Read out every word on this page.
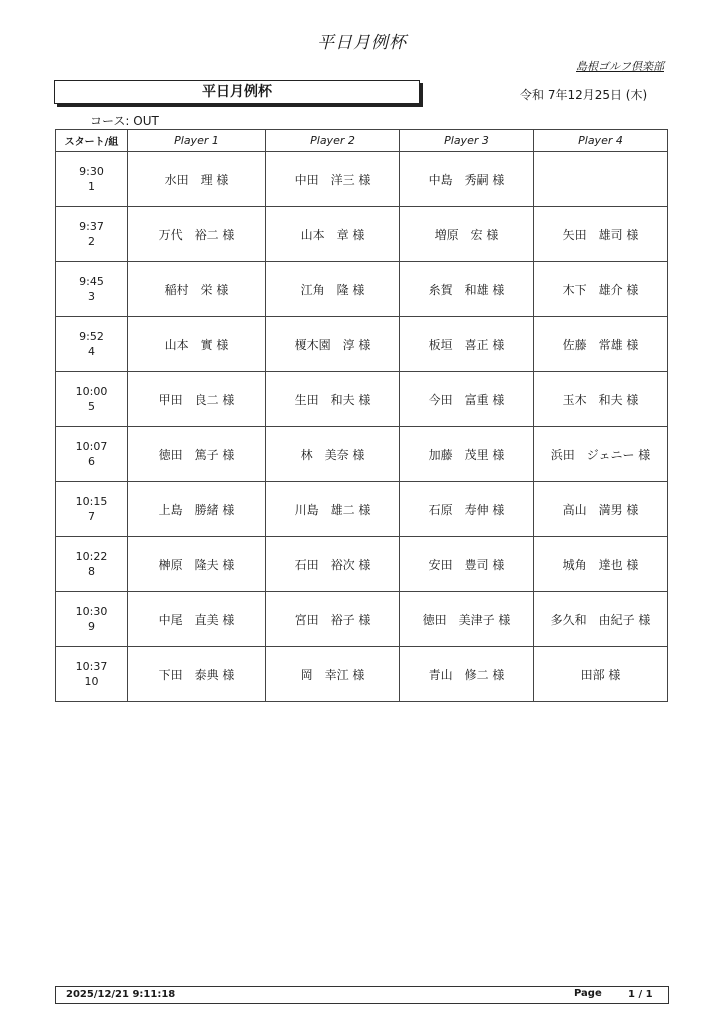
平日月例杯
島根ゴルフ倶楽部
平日月例杯	令和 7年12月25日 (木)
コース: OUT
スタート/組	Player 1	Player 2	Player 3	Player 4

9:30
1	水田　理 様	中田　洋三 様	中島　秀嗣 様	

9:37
2	万代　裕二 様	山本　章 様	増原　宏 様	矢田　雄司 様

9:45
3	稲村　栄 様	江角　隆 様	糸賀　和雄 様	木下　雄介 様

9:52
4	山本　實 様	榎木園　淳 様	板垣　喜正 様	佐藤　常雄 様

10:00
5	甲田　良二 様	生田　和夫 様	今田　富重 様	玉木　和夫 様

10:07
6	徳田　篤子 様	林　美奈 様	加藤　茂里 様	浜田　ジェニー 様

10:15
7	上島　勝緒 様	川島　雄二 様	石原　寿伸 様	高山　満男 様

10:22
8	榊原　隆夫 様	石田　裕次 様	安田　豊司 様	城角　達也 様

10:30
9	中尾　直美 様	宮田　裕子 様	徳田　美津子 様	多久和　由紀子 様

10:37
10	下田　泰典 様	岡　幸江 様	青山　修二 様	田部 様
2025/12/21 9:11:18	Page	1 / 1
